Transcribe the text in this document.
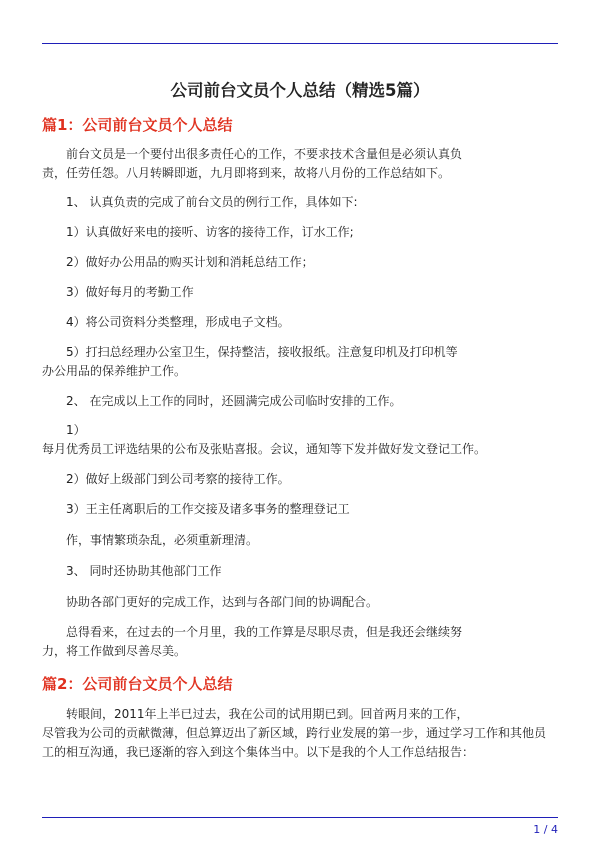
公司前台文员个人总结（精选5篇）
篇1：公司前台文员个人总结

前台文员是一个要付出很多责任心的工作，不要求技术含量但是必须认真负
责，任劳任怨。八月转瞬即逝，九月即将到来，故将八月份的工作总结如下。

1、 认真负责的完成了前台文员的例行工作，具体如下:

1）认真做好来电的接听、访客的接待工作，订水工作;

2）做好办公用品的购买计划和消耗总结工作；

3）做好每月的考勤工作

4）将公司资料分类整理，形成电子文档。

5）打扫总经理办公室卫生，保持整洁，接收报纸。注意复印机及打印机等
办公用品的保养维护工作。

2、 在完成以上工作的同时，还圆满完成公司临时安排的工作。

1）
每月优秀员工评选结果的公布及张贴喜报。会议，通知等下发并做好发文登记工作。

2）做好上级部门到公司考察的接待工作。

3）王主任离职后的工作交接及诸多事务的整理登记工

作，事情繁琐杂乱，必须重新理清。

3、 同时还协助其他部门工作

协助各部门更好的完成工作，达到与各部门间的协调配合。

总得看来，在过去的一个月里，我的工作算是尽职尽责，但是我还会继续努
力，将工作做到尽善尽美。

篇2：公司前台文员个人总结

转眼间，2011年上半已过去，我在公司的试用期已到。回首两月来的工作，
尽管我为公司的贡献微薄，但总算迈出了新区域，跨行业发展的第一步，通过学习工作和其他员
工的相互沟通，我已逐渐的容入到这个集体当中。以下是我的个人工作总结报告：

1 / 4
